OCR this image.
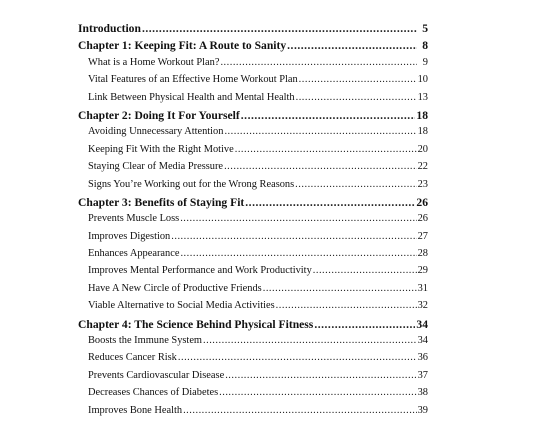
Introduction .....	5
Chapter 1: Keeping Fit: A Route to Sanity .....	8
What is a Home Workout Plan? .....	9
Vital Features of an Effective Home Workout Plan .....	10
Link Between Physical Health and Mental Health .....	13
Chapter 2: Doing It For Yourself .....	18
Avoiding Unnecessary Attention .....	18
Keeping Fit With the Right Motive .....	20
Staying Clear of Media Pressure .....	22
Signs You’re Working out for the Wrong Reasons .....	23
Chapter 3: Benefits of Staying Fit .....	26
Prevents Muscle Loss .....	26
Improves Digestion .....	27
Enhances Appearance .....	28
Improves Mental Performance and Work Productivity .....	29
Have A New Circle of Productive Friends .....	31
Viable Alternative to Social Media Activities .....	32
Chapter 4: The Science Behind Physical Fitness .....	34
Boosts the Immune System .....	34
Reduces Cancer Risk .....	36
Prevents Cardiovascular Disease .....	37
Decreases Chances of Diabetes .....	38
Improves Bone Health .....	39
